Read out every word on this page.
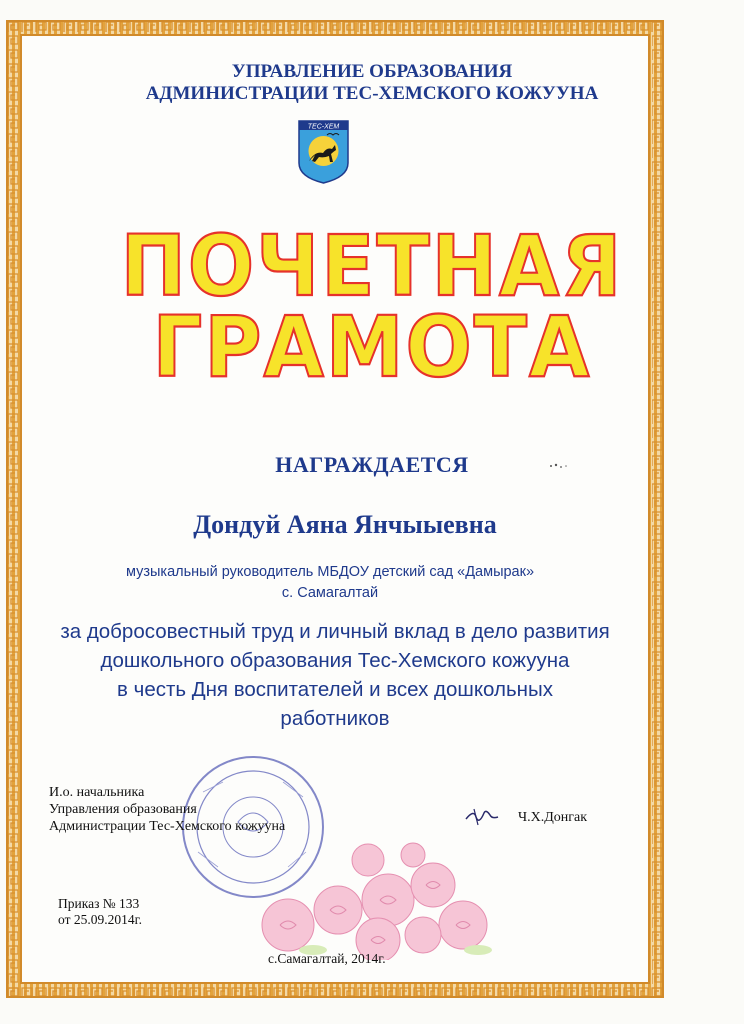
УПРАВЛЕНИЕ ОБРАЗОВАНИЯ
АДМИНИСТРАЦИИ ТЕС-ХЕМСКОГО КОЖУУНА
ТЕС-ХЕМ
ПОЧЕТНАЯ
ГРАМОТА
НАГРАЖДАЕТСЯ
Дондуй Аяна Янчыыевна
музыкальный руководитель МБДОУ детский сад «Дамырак»
с. Самагалтай
за добросовестный труд и личный вклад в дело развития
дошкольного образования Тес-Хемского кожууна
в честь Дня воспитателей и всех дошкольных
работников
И.о. начальника
Управления образования
Администрации Тес-Хемского кожууна
Ч.Х.Донгак
Приказ № 133
от 25.09.2014г.
с.Самагалтай, 2014г.
